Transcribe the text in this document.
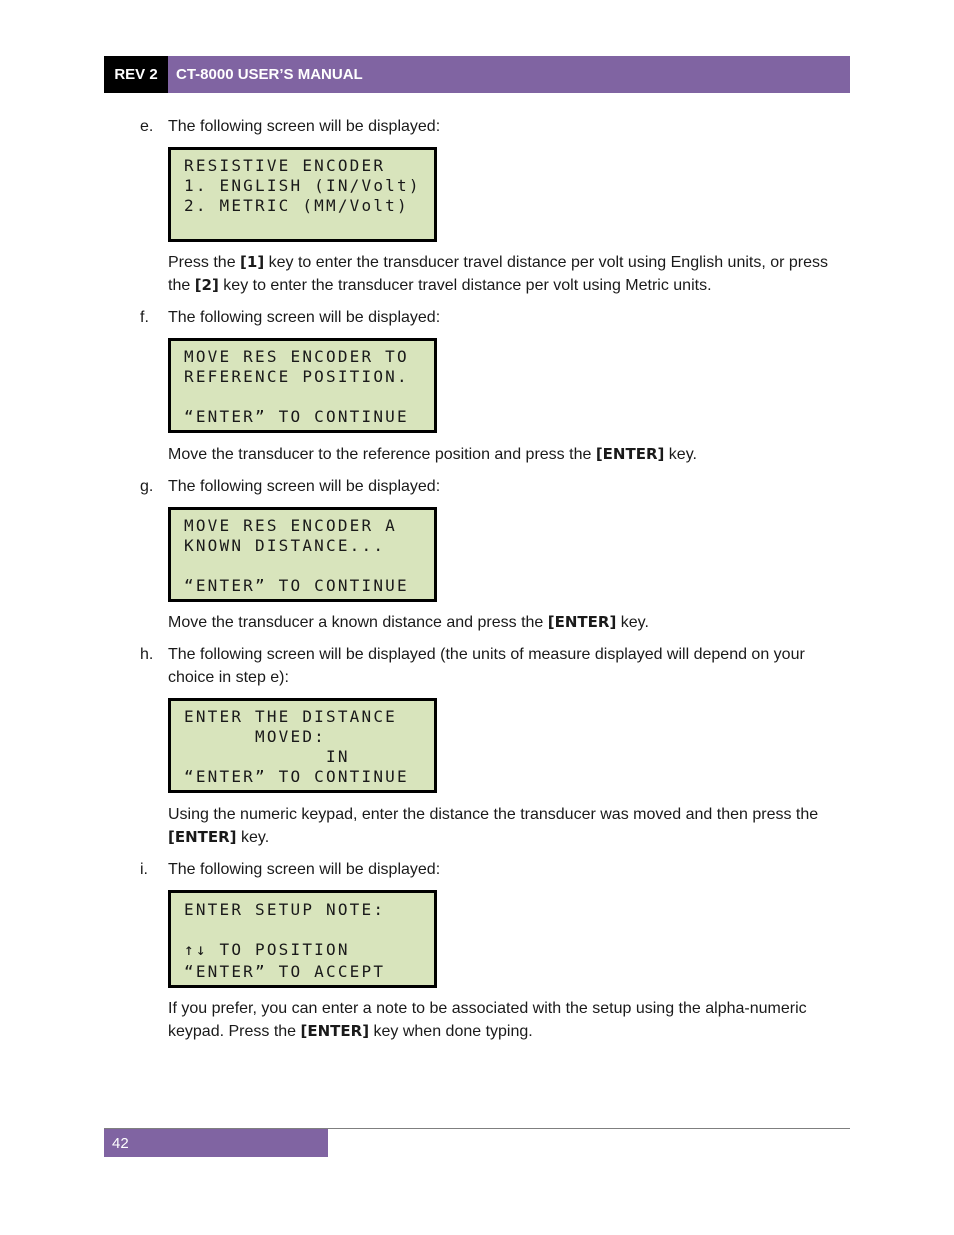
REV 2	CT-8000 USER’S MANUAL
e. The following screen will be displayed:
RESISTIVE ENCODER
1. ENGLISH (IN/Volt)
2. METRIC (MM/Volt)
Press the [1] key to enter the transducer travel distance per volt using English units, or press the [2] key to enter the transducer travel distance per volt using Metric units.
f. The following screen will be displayed:
MOVE RES ENCODER TO
REFERENCE POSITION.
“ENTER” TO CONTINUE
Move the transducer to the reference position and press the [ENTER] key.
g. The following screen will be displayed:
MOVE RES ENCODER A
KNOWN DISTANCE...
“ENTER” TO CONTINUE
Move the transducer a known distance and press the [ENTER] key.
h. The following screen will be displayed (the units of measure displayed will depend on your choice in step e):
ENTER THE DISTANCE
MOVED:
IN
“ENTER” TO CONTINUE
Using the numeric keypad, enter the distance the transducer was moved and then press the [ENTER] key.
i. The following screen will be displayed:
ENTER SETUP NOTE:
↑↓ TO POSITION
“ENTER” TO ACCEPT
If you prefer, you can enter a note to be associated with the setup using the alpha-numeric keypad. Press the [ENTER] key when done typing.
42
